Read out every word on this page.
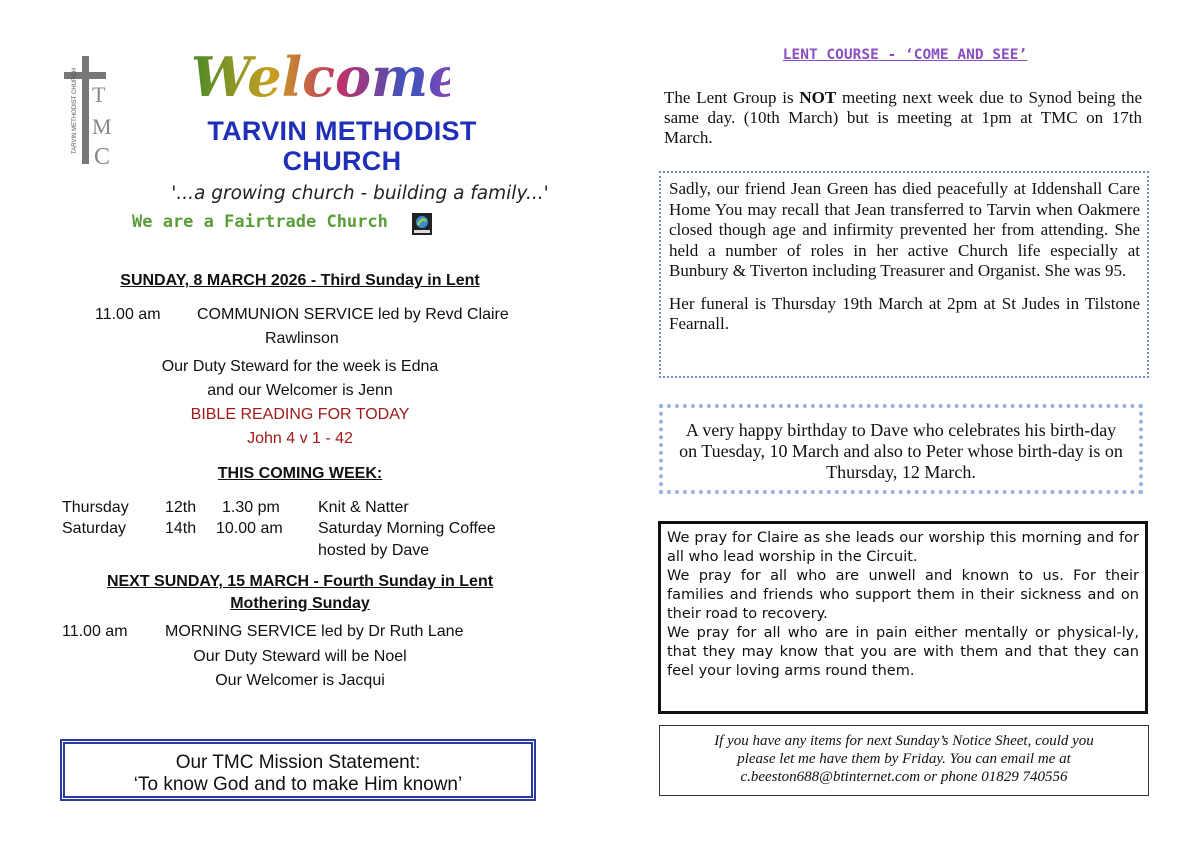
TARVIN METHODIST CHURCH T
M
C
Welcome
TARVIN METHODIST
CHURCH
'...a growing church - building a family...'
We are a Fairtrade Church
SUNDAY, 8 MARCH 2026 - Third Sunday in Lent
11.00 am COMMUNION SERVICE led by Revd Claire
Rawlinson
Our Duty Steward for the week is Edna
and our Welcomer is Jenn
BIBLE READING FOR TODAY
John 4 v 1 - 42
THIS COMING WEEK:
Thursday 12th 1.30 pm Knit & Natter
Saturday 14th 10.00 am Saturday Morning Coffee
hosted by Dave
NEXT SUNDAY, 15 MARCH - Fourth Sunday in Lent
Mothering Sunday
11.00 am MORNING SERVICE led by Dr Ruth Lane
Our Duty Steward will be Noel
Our Welcomer is Jacqui
Our TMC Mission Statement:
‘To know God and to make Him known’
LENT COURSE - ‘COME AND SEE’
The Lent Group is NOT meeting next week due to Synod being the same day. (10th March) but is meeting at 1pm at TMC on 17th March.

Sadly, our friend Jean Green has died peacefully at Iddenshall Care Home You may recall that Jean transferred to Tarvin when Oakmere closed though age and infirmity prevented her from attending. She held a number of roles in her active Church life especially at Bunbury & Tiverton including Treasurer and Organist. She was 95.

Her funeral is Thursday 19th March at 2pm at St Judes in Tilstone Fearnall.

A very happy birthday to Dave who celebrates his birth-day on Tuesday, 10 March and also to Peter whose birth-day is on Thursday, 12 March.

We pray for Claire as she leads our worship this morning and for all who lead worship in the Circuit.

We pray for all who are unwell and known to us. For their families and friends who support them in their sickness and on their road to recovery.

We pray for all who are in pain either mentally or physical-ly, that they may know that you are with them and that they can feel your loving arms round them.

If you have any items for next Sunday’s Notice Sheet, could you
please let me have them by Friday. You can email me at
c.beeston688@btinternet.com or phone 01829 740556
